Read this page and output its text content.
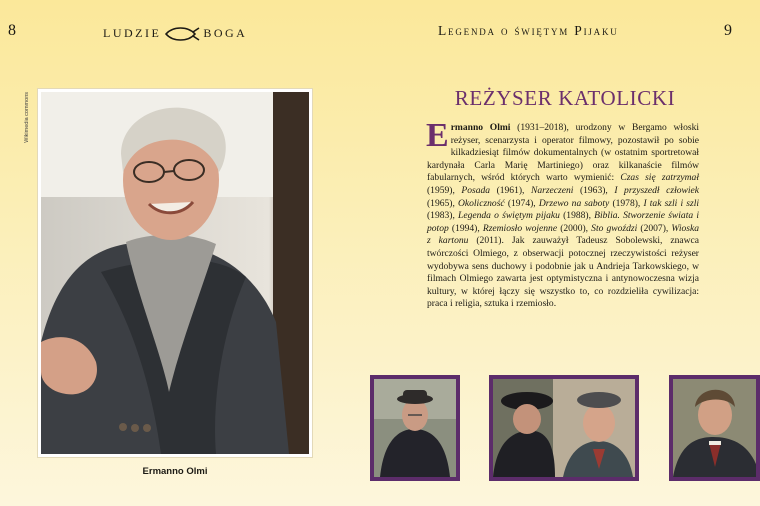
8	LUDZIE	BOGA	Legenda o świętym Pijaku	9
Wikimedia commons
Ermanno Olmi
REŻYSER KATOLICKI
Ermanno Olmi (1931–2018), urodzony w Bergamo włoski reżyser, scenarzysta i operator filmowy, pozostawił po sobie kilkadziesiąt filmów dokumentalnych (w ostatnim sportretował kardynała Carla Marię Martiniego) oraz kilkanaście filmów fabularnych, wśród których warto wymienić: Czas się zatrzymał (1959), Posada (1961), Narzeczeni (1963), I przyszedł człowiek (1965), Okoliczność (1974), Drzewo na saboty (1978), I tak szli i szli (1983), Legenda o świętym pijaku (1988), Biblia. Stworzenie świata i potop (1994), Rzemiosło wojenne (2000), Sto gwoździ (2007), Wioska z kartonu (2011). Jak zauważył Tadeusz Sobolewski, znawca twórczości Olmiego, z obserwacji potocznej rzeczywistości reżyser wydobywa sens duchowy i podobnie jak u Andrieja Tarkowskiego, w filmach Olmiego zawarta jest optymistyczna i antynowoczesna wizja kultury, w której łączy się wszystko to, co rozdzieliła cywilizacja: praca i religia, sztuka i rzemiosło.
